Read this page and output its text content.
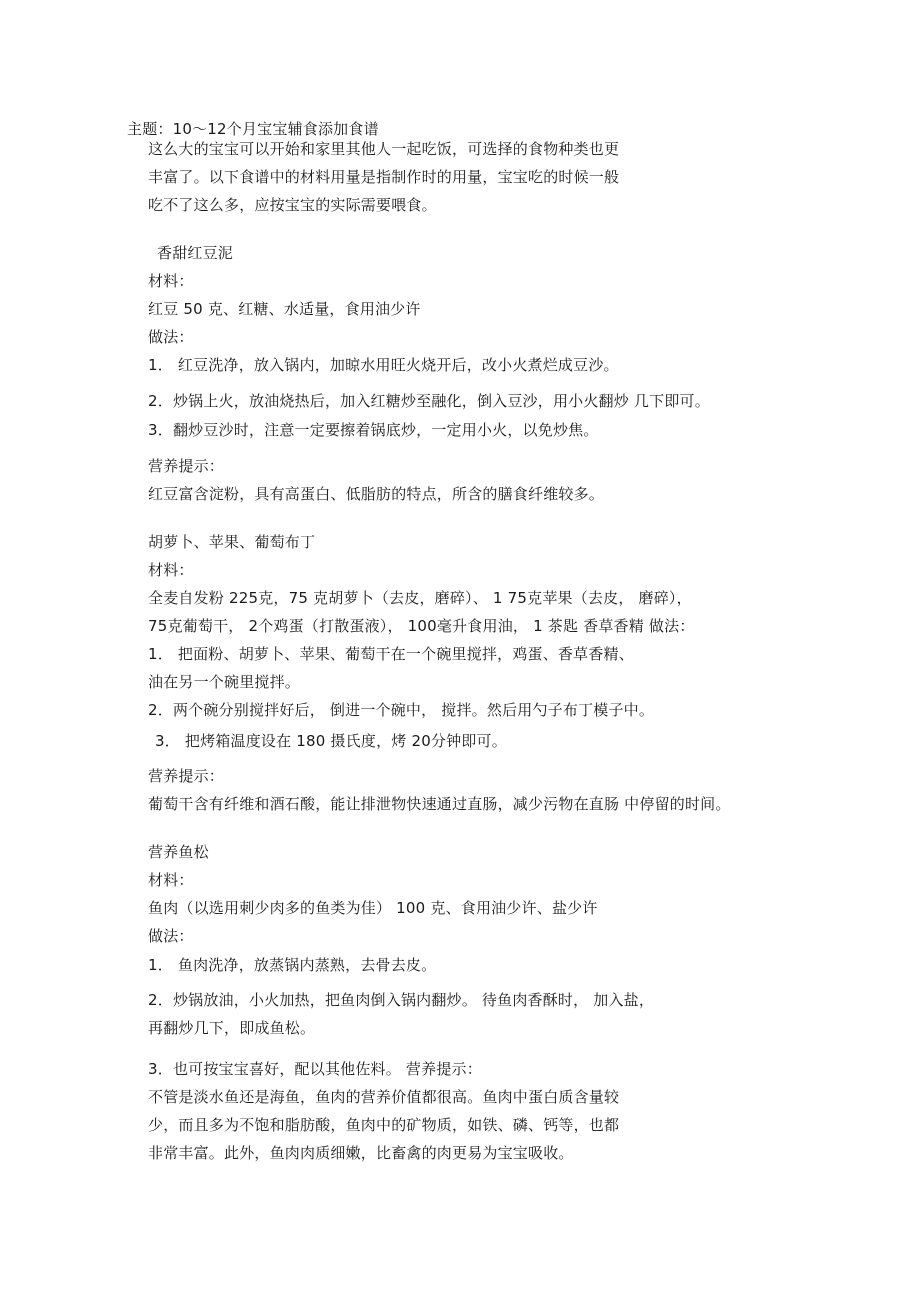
主题：10～12个月宝宝辅食添加食谱
这么大的宝宝可以开始和家里其他人一起吃饭，可选择的食物种类也更
丰富了。以下食谱中的材料用量是指制作时的用量，宝宝吃的时候一般
吃不了这么多，应按宝宝的实际需要喂食。
香甜红豆泥
材料：
红豆 50 克、红糖、水适量，食用油少许
做法：
1． 红豆洗净，放入锅内，加晾水用旺火烧开后，改小火煮烂成豆沙。
2．炒锅上火，放油烧热后，加入红糖炒至融化，倒入豆沙，用小火翻炒 几下即可。
3．翻炒豆沙时，注意一定要擦着锅底炒，一定用小火，以免炒焦。
营养提示：
红豆富含淀粉，具有高蛋白、低脂肪的特点，所含的膳食纤维较多。
胡萝卜、苹果、葡萄布丁
材料：
全麦自发粉 225克，75 克胡萝卜（去皮，磨碎）、 1 75克苹果（去皮， 磨碎），
75克葡萄干， 2个鸡蛋（打散蛋液）， 100毫升食用油， 1 茶匙 香草香精 做法：
1． 把面粉、胡萝卜、苹果、葡萄干在一个碗里搅拌，鸡蛋、香草香精、
油在另一个碗里搅拌。
2．两个碗分别搅拌好后， 倒进一个碗中， 搅拌。然后用勺子布丁模子中。
3． 把烤箱温度设在 180 摄氏度，烤 20分钟即可。
营养提示：
葡萄干含有纤维和酒石酸，能让排泄物快速通过直肠，减少污物在直肠 中停留的时间。
营养鱼松
材料：
鱼肉（以选用刺少肉多的鱼类为佳） 100 克、食用油少许、盐少许
做法：
1． 鱼肉洗净，放蒸锅内蒸熟，去骨去皮。
2．炒锅放油，小火加热，把鱼肉倒入锅内翻炒。 待鱼肉香酥时， 加入盐，
再翻炒几下，即成鱼松。
3．也可按宝宝喜好，配以其他佐料。 营养提示：
不管是淡水鱼还是海鱼，鱼肉的营养价值都很高。鱼肉中蛋白质含量较
少，而且多为不饱和脂肪酸，鱼肉中的矿物质，如铁、磷、钙等，也都
非常丰富。此外，鱼肉肉质细嫩，比畜禽的肉更易为宝宝吸收。
